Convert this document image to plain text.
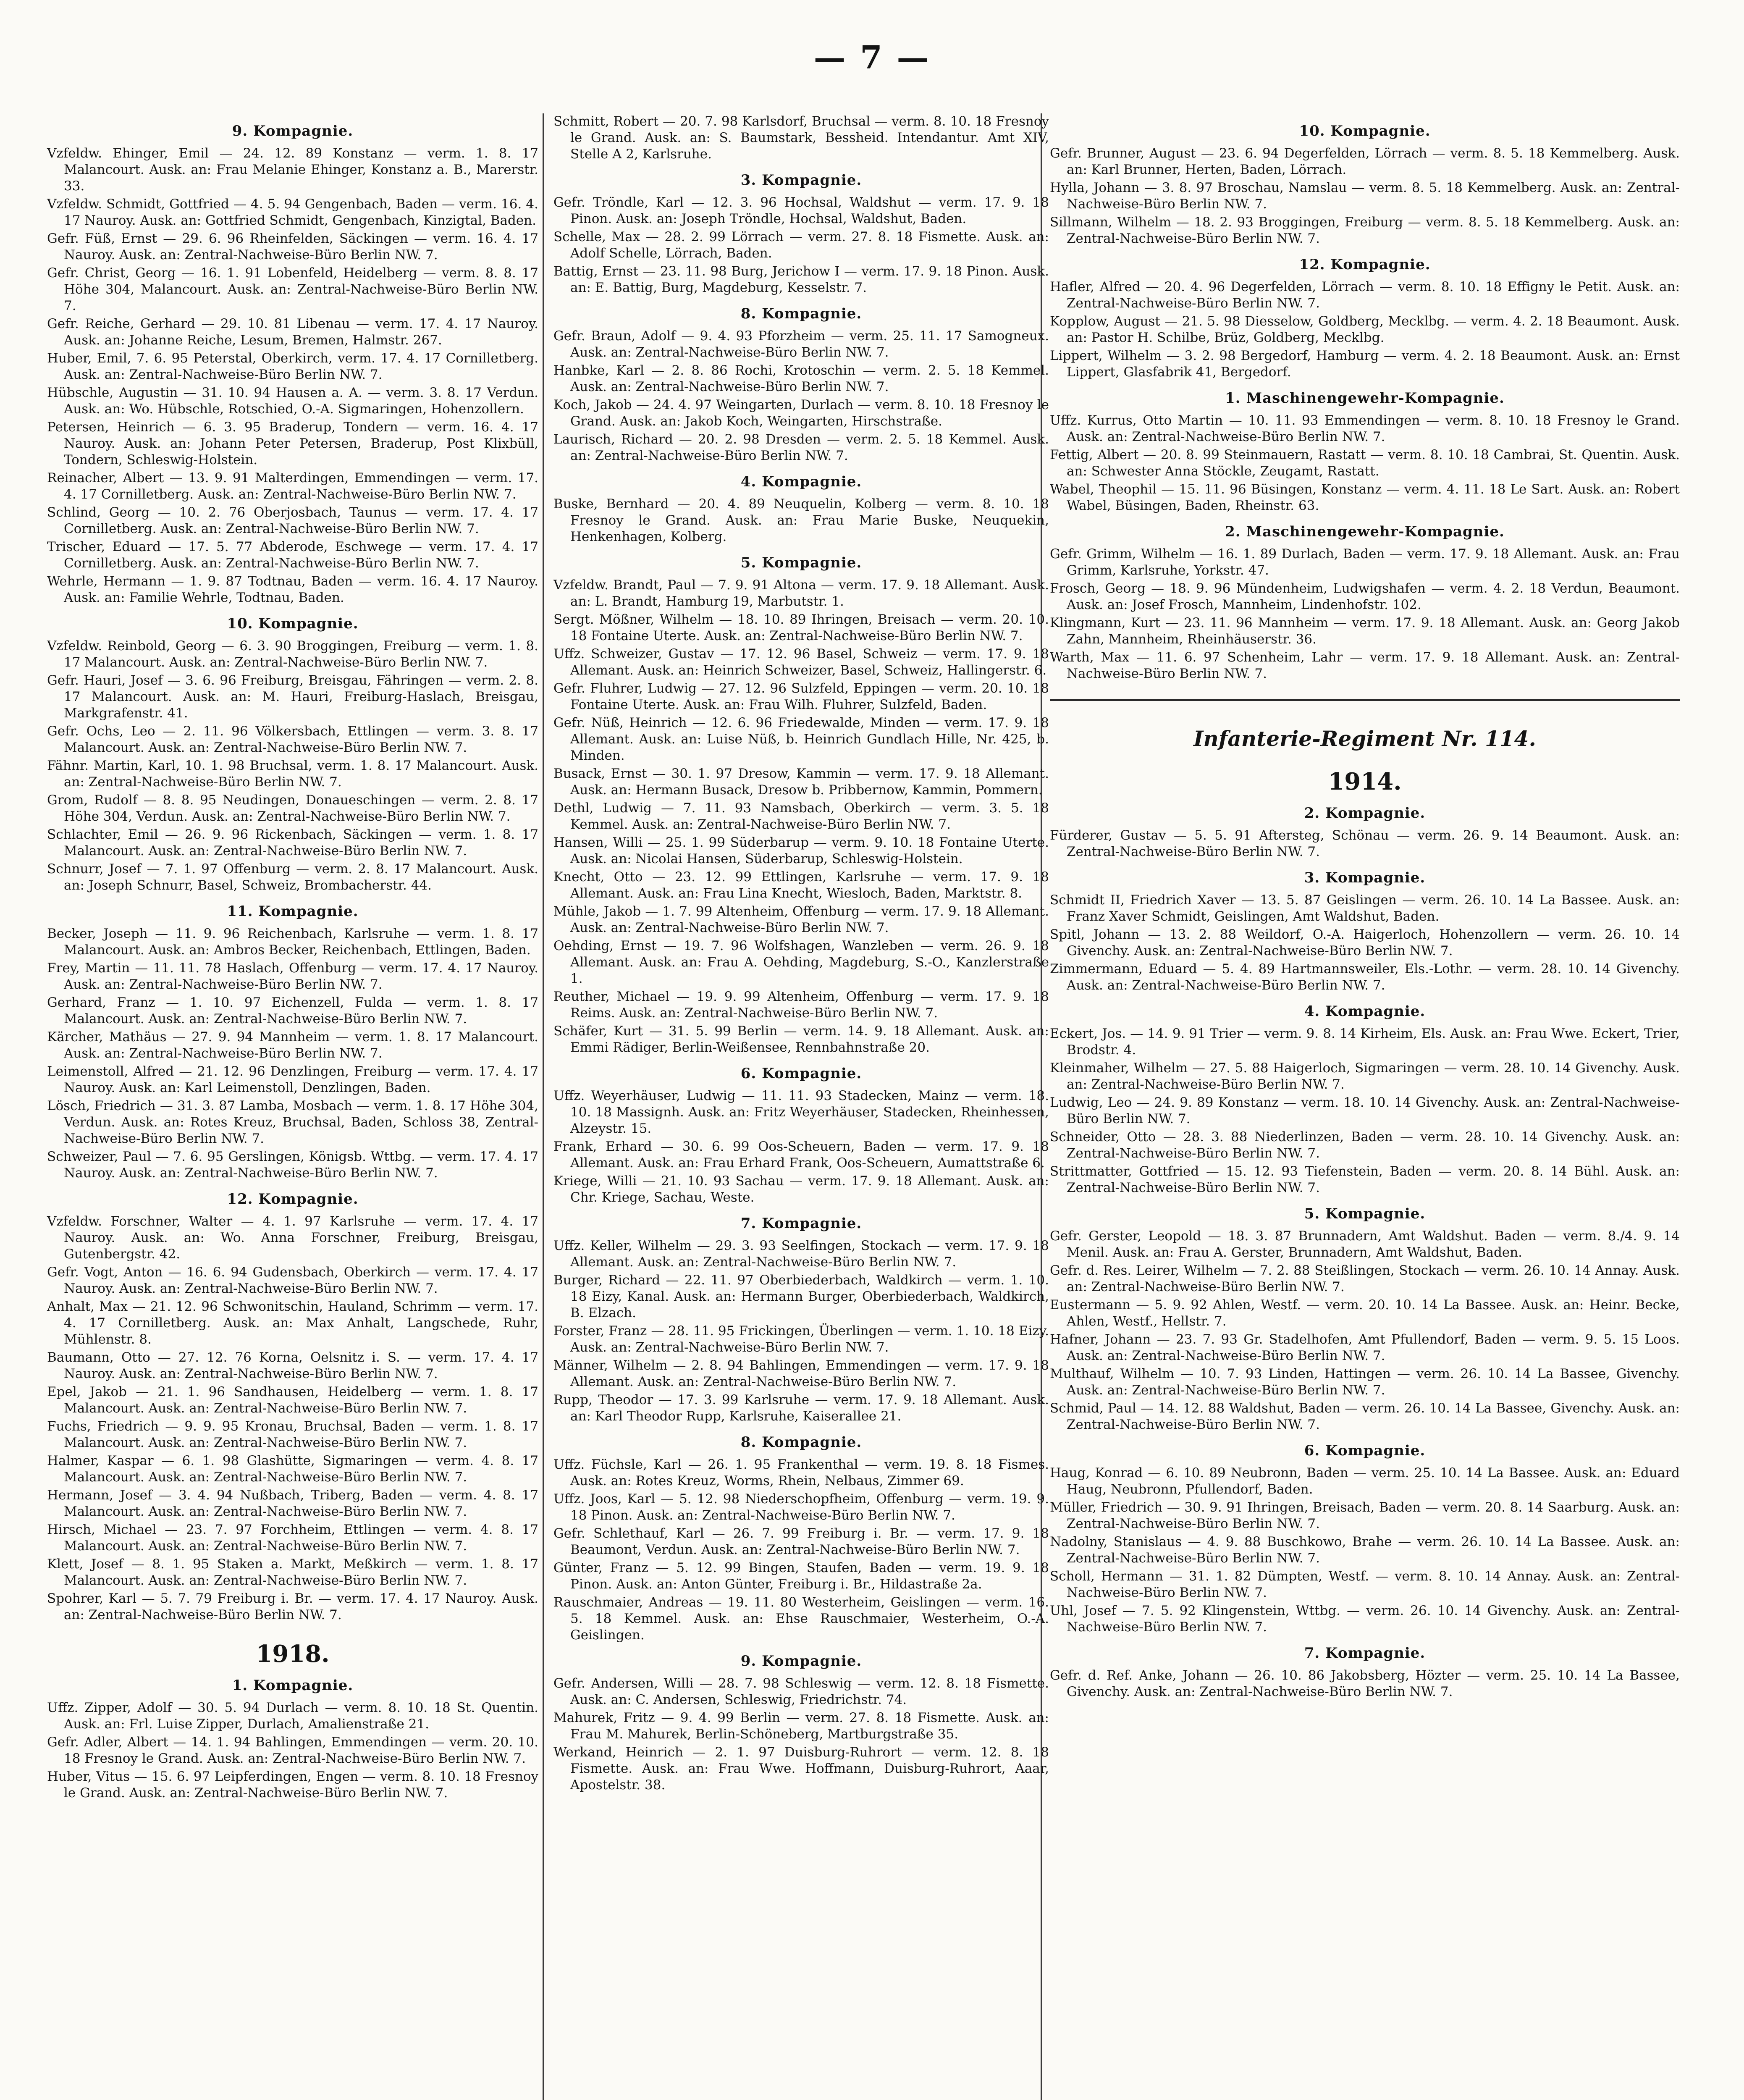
— 7 —
9. Kompagnie.
Vzfeldw. Ehinger, Emil — 24. 12. 89 Konstanz — verm. 1. 8. 17 Malancourt. Ausk. an: Frau Melanie Ehinger, Konstanz a. B., Marerstr. 33.
Vzfeldw. Schmidt, Gottfried — 4. 5. 94 Gengenbach, Baden — verm. 16. 4. 17 Nauroy. Ausk. an: Gottfried Schmidt, Gengenbach, Kinzigtal, Baden.
Gefr. Füß, Ernst — 29. 6. 96 Rheinfelden, Säckingen — verm. 16. 4. 17 Nauroy. Ausk. an: Zentral-Nachweise-Büro Berlin NW. 7.
Gefr. Christ, Georg — 16. 1. 91 Lobenfeld, Heidelberg — verm. 8. 8. 17 Höhe 304, Malancourt. Ausk. an: Zentral-Nachweise-Büro Berlin NW. 7.
Gefr. Reiche, Gerhard — 29. 10. 81 Libenau — verm. 17. 4. 17 Nauroy. Ausk. an: Johanne Reiche, Lesum, Bremen, Halmstr. 267.
Huber, Emil, 7. 6. 95 Peterstal, Oberkirch, verm. 17. 4. 17 Cornilletberg. Ausk. an: Zentral-Nachweise-Büro Berlin NW. 7.
Hübschle, Augustin — 31. 10. 94 Hausen a. A. — verm. 3. 8. 17 Verdun. Ausk. an: Wo. Hübschle, Rotschied, O.-A. Sigmaringen, Hohenzollern.
Petersen, Heinrich — 6. 3. 95 Braderup, Tondern — verm. 16. 4. 17 Nauroy. Ausk. an: Johann Peter Petersen, Braderup, Post Klixbüll, Tondern, Schleswig-Holstein.
Reinacher, Albert — 13. 9. 91 Malterdingen, Emmendingen — verm. 17. 4. 17 Cornilletberg. Ausk. an: Zentral-Nachweise-Büro Berlin NW. 7.
Schlind, Georg — 10. 2. 76 Oberjosbach, Taunus — verm. 17. 4. 17 Cornilletberg. Ausk. an: Zentral-Nachweise-Büro Berlin NW. 7.
Trischer, Eduard — 17. 5. 77 Abderode, Eschwege — verm. 17. 4. 17 Cornilletberg. Ausk. an: Zentral-Nachweise-Büro Berlin NW. 7.
Wehrle, Hermann — 1. 9. 87 Todtnau, Baden — verm. 16. 4. 17 Nauroy. Ausk. an: Familie Wehrle, Todtnau, Baden.
10. Kompagnie.
Vzfeldw. Reinbold, Georg — 6. 3. 90 Broggingen, Freiburg — verm. 1. 8. 17 Malancourt. Ausk. an: Zentral-Nachweise-Büro Berlin NW. 7.
Gefr. Hauri, Josef — 3. 6. 96 Freiburg, Breisgau, Fähringen — verm. 2. 8. 17 Malancourt. Ausk. an: M. Hauri, Freiburg-Haslach, Breisgau, Markgrafenstr. 41.
Gefr. Ochs, Leo — 2. 11. 96 Völkersbach, Ettlingen — verm. 3. 8. 17 Malancourt. Ausk. an: Zentral-Nachweise-Büro Berlin NW. 7.
Fähnr. Martin, Karl, 10. 1. 98 Bruchsal, verm. 1. 8. 17 Malancourt. Ausk. an: Zentral-Nachweise-Büro Berlin NW. 7.
Grom, Rudolf — 8. 8. 95 Neudingen, Donaueschingen — verm. 2. 8. 17 Höhe 304, Verdun. Ausk. an: Zentral-Nachweise-Büro Berlin NW. 7.
Schlachter, Emil — 26. 9. 96 Rickenbach, Säckingen — verm. 1. 8. 17 Malancourt. Ausk. an: Zentral-Nachweise-Büro Berlin NW. 7.
Schnurr, Josef — 7. 1. 97 Offenburg — verm. 2. 8. 17 Malancourt. Ausk. an: Joseph Schnurr, Basel, Schweiz, Brombacherstr. 44.
11. Kompagnie.
Becker, Joseph — 11. 9. 96 Reichenbach, Karlsruhe — verm. 1. 8. 17 Malancourt. Ausk. an: Ambros Becker, Reichenbach, Ettlingen, Baden.
Frey, Martin — 11. 11. 78 Haslach, Offenburg — verm. 17. 4. 17 Nauroy. Ausk. an: Zentral-Nachweise-Büro Berlin NW. 7.
Gerhard, Franz — 1. 10. 97 Eichenzell, Fulda — verm. 1. 8. 17 Malancourt. Ausk. an: Zentral-Nachweise-Büro Berlin NW. 7.
Kärcher, Mathäus — 27. 9. 94 Mannheim — verm. 1. 8. 17 Malancourt. Ausk. an: Zentral-Nachweise-Büro Berlin NW. 7.
Leimenstoll, Alfred — 21. 12. 96 Denzlingen, Freiburg — verm. 17. 4. 17 Nauroy. Ausk. an: Karl Leimenstoll, Denzlingen, Baden.
Lösch, Friedrich — 31. 3. 87 Lamba, Mosbach — verm. 1. 8. 17 Höhe 304, Verdun. Ausk. an: Rotes Kreuz, Bruchsal, Baden, Schloss 38, Zentral-Nachweise-Büro Berlin NW. 7.
Schweizer, Paul — 7. 6. 95 Gerslingen, Königsb. Wttbg. — verm. 17. 4. 17 Nauroy. Ausk. an: Zentral-Nachweise-Büro Berlin NW. 7.
12. Kompagnie.
Vzfeldw. Forschner, Walter — 4. 1. 97 Karlsruhe — verm. 17. 4. 17 Nauroy. Ausk. an: Wo. Anna Forschner, Freiburg, Breisgau, Gutenbergstr. 42.
Gefr. Vogt, Anton — 16. 6. 94 Gudensbach, Oberkirch — verm. 17. 4. 17 Nauroy. Ausk. an: Zentral-Nachweise-Büro Berlin NW. 7.
Anhalt, Max — 21. 12. 96 Schwonitschin, Hauland, Schrimm — verm. 17. 4. 17 Cornilletberg. Ausk. an: Max Anhalt, Langschede, Ruhr, Mühlenstr. 8.
Baumann, Otto — 27. 12. 76 Korna, Oelsnitz i. S. — verm. 17. 4. 17 Nauroy. Ausk. an: Zentral-Nachweise-Büro Berlin NW. 7.
Epel, Jakob — 21. 1. 96 Sandhausen, Heidelberg — verm. 1. 8. 17 Malancourt. Ausk. an: Zentral-Nachweise-Büro Berlin NW. 7.
Fuchs, Friedrich — 9. 9. 95 Kronau, Bruchsal, Baden — verm. 1. 8. 17 Malancourt. Ausk. an: Zentral-Nachweise-Büro Berlin NW. 7.
Halmer, Kaspar — 6. 1. 98 Glashütte, Sigmaringen — verm. 4. 8. 17 Malancourt. Ausk. an: Zentral-Nachweise-Büro Berlin NW. 7.
Hermann, Josef — 3. 4. 94 Nußbach, Triberg, Baden — verm. 4. 8. 17 Malancourt. Ausk. an: Zentral-Nachweise-Büro Berlin NW. 7.
Hirsch, Michael — 23. 7. 97 Forchheim, Ettlingen — verm. 4. 8. 17 Malancourt. Ausk. an: Zentral-Nachweise-Büro Berlin NW. 7.
Klett, Josef — 8. 1. 95 Staken a. Markt, Meßkirch — verm. 1. 8. 17 Malancourt. Ausk. an: Zentral-Nachweise-Büro Berlin NW. 7.
Spohrer, Karl — 5. 7. 79 Freiburg i. Br. — verm. 17. 4. 17 Nauroy. Ausk. an: Zentral-Nachweise-Büro Berlin NW. 7.
1918.
1. Kompagnie.
Uffz. Zipper, Adolf — 30. 5. 94 Durlach — verm. 8. 10. 18 St. Quentin. Ausk. an: Frl. Luise Zipper, Durlach, Amalienstraße 21.
Gefr. Adler, Albert — 14. 1. 94 Bahlingen, Emmendingen — verm. 20. 10. 18 Fresnoy le Grand. Ausk. an: Zentral-Nachweise-Büro Berlin NW. 7.
Huber, Vitus — 15. 6. 97 Leipferdingen, Engen — verm. 8. 10. 18 Fresnoy le Grand. Ausk. an: Zentral-Nachweise-Büro Berlin NW. 7.
Schmitt, Robert — 20. 7. 98 Karlsdorf, Bruchsal — verm. 8. 10. 18 Fresnoy le Grand. Ausk. an: S. Baumstark, Bessheid. Intendantur. Amt XIV, Stelle A 2, Karlsruhe.
3. Kompagnie.
Gefr. Tröndle, Karl — 12. 3. 96 Hochsal, Waldshut — verm. 17. 9. 18 Pinon. Ausk. an: Joseph Tröndle, Hochsal, Waldshut, Baden.
Schelle, Max — 28. 2. 99 Lörrach — verm. 27. 8. 18 Fismette. Ausk. an: Adolf Schelle, Lörrach, Baden.
Battig, Ernst — 23. 11. 98 Burg, Jerichow I — verm. 17. 9. 18 Pinon. Ausk. an: E. Battig, Burg, Magdeburg, Kesselstr. 7.
8. Kompagnie.
Gefr. Braun, Adolf — 9. 4. 93 Pforzheim — verm. 25. 11. 17 Samogneux. Ausk. an: Zentral-Nachweise-Büro Berlin NW. 7.
Hanbke, Karl — 2. 8. 86 Rochi, Krotoschin — verm. 2. 5. 18 Kemmel. Ausk. an: Zentral-Nachweise-Büro Berlin NW. 7.
Koch, Jakob — 24. 4. 97 Weingarten, Durlach — verm. 8. 10. 18 Fresnoy le Grand. Ausk. an: Jakob Koch, Weingarten, Hirschstraße.
Laurisch, Richard — 20. 2. 98 Dresden — verm. 2. 5. 18 Kemmel. Ausk. an: Zentral-Nachweise-Büro Berlin NW. 7.
4. Kompagnie.
Buske, Bernhard — 20. 4. 89 Neuquelin, Kolberg — verm. 8. 10. 18 Fresnoy le Grand. Ausk. an: Frau Marie Buske, Neuquekin, Henkenhagen, Kolberg.
5. Kompagnie.
Vzfeldw. Brandt, Paul — 7. 9. 91 Altona — verm. 17. 9. 18 Allemant. Ausk. an: L. Brandt, Hamburg 19, Marbutstr. 1.
Sergt. Mößner, Wilhelm — 18. 10. 89 Ihringen, Breisach — verm. 20. 10. 18 Fontaine Uterte. Ausk. an: Zentral-Nachweise-Büro Berlin NW. 7.
Uffz. Schweizer, Gustav — 17. 12. 96 Basel, Schweiz — verm. 17. 9. 18 Allemant. Ausk. an: Heinrich Schweizer, Basel, Schweiz, Hallingerstr. 6.
Gefr. Fluhrer, Ludwig — 27. 12. 96 Sulzfeld, Eppingen — verm. 20. 10. 18 Fontaine Uterte. Ausk. an: Frau Wilh. Fluhrer, Sulzfeld, Baden.
Gefr. Nüß, Heinrich — 12. 6. 96 Friedewalde, Minden — verm. 17. 9. 18 Allemant. Ausk. an: Luise Nüß, b. Heinrich Gundlach Hille, Nr. 425, b. Minden.
Busack, Ernst — 30. 1. 97 Dresow, Kammin — verm. 17. 9. 18 Allemant. Ausk. an: Hermann Busack, Dresow b. Pribbernow, Kammin, Pommern.
Dethl, Ludwig — 7. 11. 93 Namsbach, Oberkirch — verm. 3. 5. 18 Kemmel. Ausk. an: Zentral-Nachweise-Büro Berlin NW. 7.
Hansen, Willi — 25. 1. 99 Süderbarup — verm. 9. 10. 18 Fontaine Uterte. Ausk. an: Nicolai Hansen, Süderbarup, Schleswig-Holstein.
Knecht, Otto — 23. 12. 99 Ettlingen, Karlsruhe — verm. 17. 9. 18 Allemant. Ausk. an: Frau Lina Knecht, Wiesloch, Baden, Marktstr. 8.
Mühle, Jakob — 1. 7. 99 Altenheim, Offenburg — verm. 17. 9. 18 Allemant. Ausk. an: Zentral-Nachweise-Büro Berlin NW. 7.
Oehding, Ernst — 19. 7. 96 Wolfshagen, Wanzleben — verm. 26. 9. 18 Allemant. Ausk. an: Frau A. Oehding, Magdeburg, S.-O., Kanzlerstraße 1.
Reuther, Michael — 19. 9. 99 Altenheim, Offenburg — verm. 17. 9. 18 Reims. Ausk. an: Zentral-Nachweise-Büro Berlin NW. 7.
Schäfer, Kurt — 31. 5. 99 Berlin — verm. 14. 9. 18 Allemant. Ausk. an: Emmi Rädiger, Berlin-Weißensee, Rennbahnstraße 20.
6. Kompagnie.
Uffz. Weyerhäuser, Ludwig — 11. 11. 93 Stadecken, Mainz — verm. 18. 10. 18 Massignh. Ausk. an: Fritz Weyerhäuser, Stadecken, Rheinhessen, Alzeystr. 15.
Frank, Erhard — 30. 6. 99 Oos-Scheuern, Baden — verm. 17. 9. 18 Allemant. Ausk. an: Frau Erhard Frank, Oos-Scheuern, Aumattstraße 6.
Kriege, Willi — 21. 10. 93 Sachau — verm. 17. 9. 18 Allemant. Ausk. an: Chr. Kriege, Sachau, Weste.
7. Kompagnie.
Uffz. Keller, Wilhelm — 29. 3. 93 Seelfingen, Stockach — verm. 17. 9. 18 Allemant. Ausk. an: Zentral-Nachweise-Büro Berlin NW. 7.
Burger, Richard — 22. 11. 97 Oberbiederbach, Waldkirch — verm. 1. 10. 18 Eizy, Kanal. Ausk. an: Hermann Burger, Oberbiederbach, Waldkirch, B. Elzach.
Forster, Franz — 28. 11. 95 Frickingen, Überlingen — verm. 1. 10. 18 Eizy. Ausk. an: Zentral-Nachweise-Büro Berlin NW. 7.
Männer, Wilhelm — 2. 8. 94 Bahlingen, Emmendingen — verm. 17. 9. 18 Allemant. Ausk. an: Zentral-Nachweise-Büro Berlin NW. 7.
Rupp, Theodor — 17. 3. 99 Karlsruhe — verm. 17. 9. 18 Allemant. Ausk. an: Karl Theodor Rupp, Karlsruhe, Kaiserallee 21.
8. Kompagnie.
Uffz. Füchsle, Karl — 26. 1. 95 Frankenthal — verm. 19. 8. 18 Fismes. Ausk. an: Rotes Kreuz, Worms, Rhein, Nelbaus, Zimmer 69.
Uffz. Joos, Karl — 5. 12. 98 Niederschopfheim, Offenburg — verm. 19. 9. 18 Pinon. Ausk. an: Zentral-Nachweise-Büro Berlin NW. 7.
Gefr. Schlethauf, Karl — 26. 7. 99 Freiburg i. Br. — verm. 17. 9. 18 Beaumont, Verdun. Ausk. an: Zentral-Nachweise-Büro Berlin NW. 7.
Günter, Franz — 5. 12. 99 Bingen, Staufen, Baden — verm. 19. 9. 18 Pinon. Ausk. an: Anton Günter, Freiburg i. Br., Hildastraße 2a.
Rauschmaier, Andreas — 19. 11. 80 Westerheim, Geislingen — verm. 16. 5. 18 Kemmel. Ausk. an: Ehse Rauschmaier, Westerheim, O.-A. Geislingen.
9. Kompagnie.
Gefr. Andersen, Willi — 28. 7. 98 Schleswig — verm. 12. 8. 18 Fismette. Ausk. an: C. Andersen, Schleswig, Friedrichstr. 74.
Mahurek, Fritz — 9. 4. 99 Berlin — verm. 27. 8. 18 Fismette. Ausk. an: Frau M. Mahurek, Berlin-Schöneberg, Martburgstraße 35.
Werkand, Heinrich — 2. 1. 97 Duisburg-Ruhrort — verm. 12. 8. 18 Fismette. Ausk. an: Frau Wwe. Hoffmann, Duisburg-Ruhrort, Aaar, Apostelstr. 38.
10. Kompagnie.
Gefr. Brunner, August — 23. 6. 94 Degerfelden, Lörrach — verm. 8. 5. 18 Kemmelberg. Ausk. an: Karl Brunner, Herten, Baden, Lörrach.
Hylla, Johann — 3. 8. 97 Broschau, Namslau — verm. 8. 5. 18 Kemmelberg. Ausk. an: Zentral-Nachweise-Büro Berlin NW. 7.
Sillmann, Wilhelm — 18. 2. 93 Broggingen, Freiburg — verm. 8. 5. 18 Kemmelberg. Ausk. an: Zentral-Nachweise-Büro Berlin NW. 7.
12. Kompagnie.
Hafler, Alfred — 20. 4. 96 Degerfelden, Lörrach — verm. 8. 10. 18 Effigny le Petit. Ausk. an: Zentral-Nachweise-Büro Berlin NW. 7.
Kopplow, August — 21. 5. 98 Diesselow, Goldberg, Mecklbg. — verm. 4. 2. 18 Beaumont. Ausk. an: Pastor H. Schilbe, Brüz, Goldberg, Mecklbg.
Lippert, Wilhelm — 3. 2. 98 Bergedorf, Hamburg — verm. 4. 2. 18 Beaumont. Ausk. an: Ernst Lippert, Glasfabrik 41, Bergedorf.
1. Maschinengewehr-Kompagnie.
Uffz. Kurrus, Otto Martin — 10. 11. 93 Emmendingen — verm. 8. 10. 18 Fresnoy le Grand. Ausk. an: Zentral-Nachweise-Büro Berlin NW. 7.
Fettig, Albert — 20. 8. 99 Steinmauern, Rastatt — verm. 8. 10. 18 Cambrai, St. Quentin. Ausk. an: Schwester Anna Stöckle, Zeugamt, Rastatt.
Wabel, Theophil — 15. 11. 96 Büsingen, Konstanz — verm. 4. 11. 18 Le Sart. Ausk. an: Robert Wabel, Büsingen, Baden, Rheinstr. 63.
2. Maschinengewehr-Kompagnie.
Gefr. Grimm, Wilhelm — 16. 1. 89 Durlach, Baden — verm. 17. 9. 18 Allemant. Ausk. an: Frau Grimm, Karlsruhe, Yorkstr. 47.
Frosch, Georg — 18. 9. 96 Mündenheim, Ludwigshafen — verm. 4. 2. 18 Verdun, Beaumont. Ausk. an: Josef Frosch, Mannheim, Lindenhofstr. 102.
Klingmann, Kurt — 23. 11. 96 Mannheim — verm. 17. 9. 18 Allemant. Ausk. an: Georg Jakob Zahn, Mannheim, Rheinhäuserstr. 36.
Warth, Max — 11. 6. 97 Schenheim, Lahr — verm. 17. 9. 18 Allemant. Ausk. an: Zentral-Nachweise-Büro Berlin NW. 7.
Infanterie-Regiment Nr. 114.
1914.
2. Kompagnie.
Fürderer, Gustav — 5. 5. 91 Aftersteg, Schönau — verm. 26. 9. 14 Beaumont. Ausk. an: Zentral-Nachweise-Büro Berlin NW. 7.
3. Kompagnie.
Schmidt II, Friedrich Xaver — 13. 5. 87 Geislingen — verm. 26. 10. 14 La Bassee. Ausk. an: Franz Xaver Schmidt, Geislingen, Amt Waldshut, Baden.
Spitl, Johann — 13. 2. 88 Weildorf, O.-A. Haigerloch, Hohenzollern — verm. 26. 10. 14 Givenchy. Ausk. an: Zentral-Nachweise-Büro Berlin NW. 7.
Zimmermann, Eduard — 5. 4. 89 Hartmannsweiler, Els.-Lothr. — verm. 28. 10. 14 Givenchy. Ausk. an: Zentral-Nachweise-Büro Berlin NW. 7.
4. Kompagnie.
Eckert, Jos. — 14. 9. 91 Trier — verm. 9. 8. 14 Kirheim, Els. Ausk. an: Frau Wwe. Eckert, Trier, Brodstr. 4.
Kleinmaher, Wilhelm — 27. 5. 88 Haigerloch, Sigmaringen — verm. 28. 10. 14 Givenchy. Ausk. an: Zentral-Nachweise-Büro Berlin NW. 7.
Ludwig, Leo — 24. 9. 89 Konstanz — verm. 18. 10. 14 Givenchy. Ausk. an: Zentral-Nachweise-Büro Berlin NW. 7.
Schneider, Otto — 28. 3. 88 Niederlinzen, Baden — verm. 28. 10. 14 Givenchy. Ausk. an: Zentral-Nachweise-Büro Berlin NW. 7.
Strittmatter, Gottfried — 15. 12. 93 Tiefenstein, Baden — verm. 20. 8. 14 Bühl. Ausk. an: Zentral-Nachweise-Büro Berlin NW. 7.
5. Kompagnie.
Gefr. Gerster, Leopold — 18. 3. 87 Brunnadern, Amt Waldshut. Baden — verm. 8./4. 9. 14 Menil. Ausk. an: Frau A. Gerster, Brunnadern, Amt Waldshut, Baden.
Gefr. d. Res. Leirer, Wilhelm — 7. 2. 88 Steißlingen, Stockach — verm. 26. 10. 14 Annay. Ausk. an: Zentral-Nachweise-Büro Berlin NW. 7.
Eustermann — 5. 9. 92 Ahlen, Westf. — verm. 20. 10. 14 La Bassee. Ausk. an: Heinr. Becke, Ahlen, Westf., Hellstr. 7.
Hafner, Johann — 23. 7. 93 Gr. Stadelhofen, Amt Pfullendorf, Baden — verm. 9. 5. 15 Loos. Ausk. an: Zentral-Nachweise-Büro Berlin NW. 7.
Multhauf, Wilhelm — 10. 7. 93 Linden, Hattingen — verm. 26. 10. 14 La Bassee, Givenchy. Ausk. an: Zentral-Nachweise-Büro Berlin NW. 7.
Schmid, Paul — 14. 12. 88 Waldshut, Baden — verm. 26. 10. 14 La Bassee, Givenchy. Ausk. an: Zentral-Nachweise-Büro Berlin NW. 7.
6. Kompagnie.
Haug, Konrad — 6. 10. 89 Neubronn, Baden — verm. 25. 10. 14 La Bassee. Ausk. an: Eduard Haug, Neubronn, Pfullendorf, Baden.
Müller, Friedrich — 30. 9. 91 Ihringen, Breisach, Baden — verm. 20. 8. 14 Saarburg. Ausk. an: Zentral-Nachweise-Büro Berlin NW. 7.
Nadolny, Stanislaus — 4. 9. 88 Buschkowo, Brahe — verm. 26. 10. 14 La Bassee. Ausk. an: Zentral-Nachweise-Büro Berlin NW. 7.
Scholl, Hermann — 31. 1. 82 Dümpten, Westf. — verm. 8. 10. 14 Annay. Ausk. an: Zentral-Nachweise-Büro Berlin NW. 7.
Uhl, Josef — 7. 5. 92 Klingenstein, Wttbg. — verm. 26. 10. 14 Givenchy. Ausk. an: Zentral-Nachweise-Büro Berlin NW. 7.
7. Kompagnie.
Gefr. d. Ref. Anke, Johann — 26. 10. 86 Jakobsberg, Hözter — verm. 25. 10. 14 La Bassee, Givenchy. Ausk. an: Zentral-Nachweise-Büro Berlin NW. 7.
